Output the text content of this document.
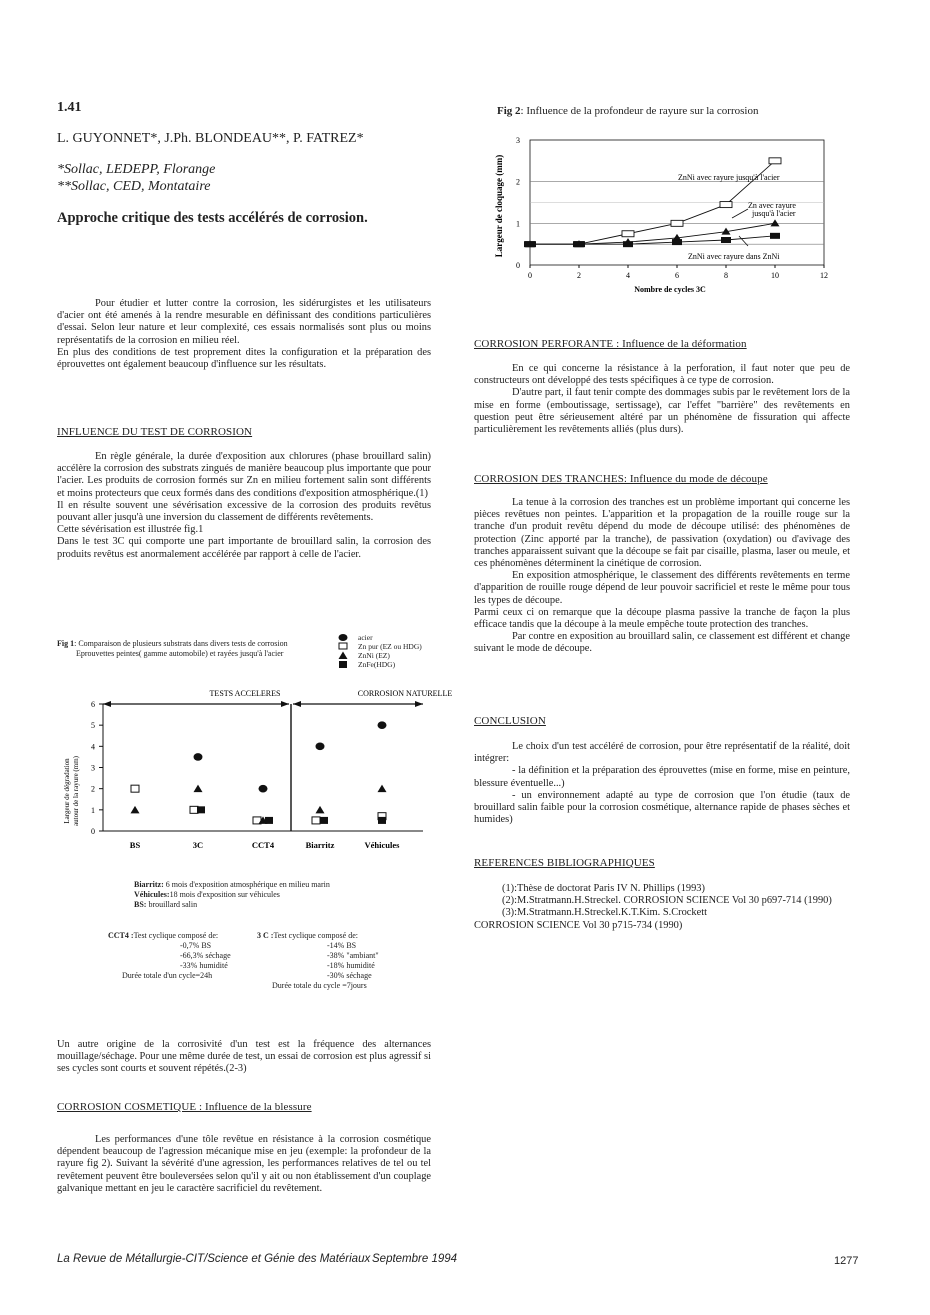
1.41
L. GUYONNET*, J.Ph. BLONDEAU**, P. FATREZ*
*Sollac, LEDEPP, Florange
**Sollac, CED, Montataire
Approche critique des tests accélérés de corrosion.

Pour étudier et lutter contre la corrosion, les sidérurgistes et les utilisateurs d'acier ont été amenés à la rendre mesurable en définissant des conditions particulières d'essai. Selon leur nature et leur complexité, ces essais normalisés sont plus ou moins représentatifs de la corrosion en milieu réel.

En plus des conditions de test proprement dites la configuration et la préparation des éprouvettes ont également beaucoup d'influence sur les résultats.

INFLUENCE DU TEST DE CORROSION

En règle générale, la durée d'exposition aux chlorures (phase brouillard salin) accélère la corrosion des substrats zingués de manière beaucoup plus importante que pour l'acier. Les produits de corrosion formés sur Zn en milieu fortement salin sont différents et moins protecteurs que ceux formés dans des conditions d'exposition atmosphérique.(1)

Il en résulte souvent une sévérisation excessive de la corrosion des produits revêtus pouvant aller jusqu'à une inversion du classement de différents revêtements.

Cette sévérisation est illustrée fig.1

Dans le test 3C qui comporte une part importante de brouillard salin, la corrosion des produits revêtus est anormalement accélérée par rapport à celle de l'acier.

Fig 1: Comparaison de plusieurs substrats dans divers tests de corrosion
Eprouvettes peintes( gamme automobile) et rayées jusqu'à l'acier
acier
Zn pur (EZ ou HDG)
ZnNi (EZ)
ZnFe(HDG)
TESTS ACCELERES	CORROSION NATURELLE
0
1
2
3
4
5
6
BS	3C	CCT4	Biarritz	Véhicules
Largeur de dégradation autour de la rayure (mm)
Biarritz: 6 mois d'exposition atmosphérique en milieu marin
Véhicules:18 mois d'exposition sur véhicules
BS: brouillard salin
CCT4 :Test cyclique composé de:
-0,7% BS
-66,3% séchage
-33% humidité
Durée totale d'un cycle=24h
3 C :Test cyclique composé de:
-14% BS
-38% "ambiant"
-18% humidité
-30% séchage
Durée totale du cycle =7jours

Un autre origine de la corrosivité d'un test est la fréquence des alternances mouillage/séchage. Pour une même durée de test, un essai de corrosion est plus agressif si ses cycles sont courts et souvent répétés.(2-3)

CORROSION COSMETIQUE : Influence de la blessure

Les performances d'une tôle revêtue en résistance à la corrosion cosmétique dépendent beaucoup de l'agression mécanique mise en jeu (exemple: la profondeur de la rayure fig 2). Suivant la sévérité d'une agression, les performances relatives de tel ou tel revêtement peuvent être bouleversées selon qu'il y ait ou non établissement d'un couplage galvanique mettant en jeu le caractère sacrificiel du revêtement.

Fig 2: Influence de la profondeur de rayure sur la corrosion
0
1
2
3
0	2	4	6	8	10	12
Largeur de cloquage (mm)
Nombre de cycles 3C
ZnNi avec rayure jusqu'à l'acier
Zn avec rayure
jusqu'à l'acier
ZnNi avec rayure dans ZnNi
CORROSION PERFORANTE : Influence de la déformation

En ce qui concerne la résistance à la perforation, il faut noter que peu de constructeurs ont développé des tests spécifiques à ce type de corrosion.

D'autre part, il faut tenir compte des dommages subis par le revêtement lors de la mise en forme (emboutissage, sertissage), car l'effet "barrière" des revêtements en question peut être sérieusement altéré par un phénomène de fissuration qui affecte particulièrement les revêtements alliés (plus durs).

CORROSION DES TRANCHES: Influence du mode de découpe

La tenue à la corrosion des tranches est un problème important qui concerne les pièces revêtues non peintes. L'apparition et la propagation de la rouille rouge sur la tranche d'un produit revêtu dépend du mode de découpe utilisé: des phénomènes de protection (Zinc apporté par la tranche), de passivation (oxydation) ou d'avivage des tranches apparaissent suivant que la découpe se fait par cisaille, plasma, laser ou meule, et ces phénomènes déterminent la cinétique de corrosion.

En exposition atmosphérique, le classement des différents revêtements en terme d'apparition de rouille rouge dépend de leur pouvoir sacrificiel et reste le même pour tous les types de découpe.

Parmi ceux ci on remarque que la découpe plasma passive la tranche de façon la plus efficace tandis que la découpe à la meule empêche toute protection des tranches.

Par contre en exposition au brouillard salin, ce classement est différent et change suivant le mode de découpe.

CONCLUSION

Le choix d'un test accéléré de corrosion, pour être représentatif de la réalité, doit intégrer:

- la définition et la préparation des éprouvettes (mise en forme, mise en peinture, blessure éventuelle...)

- un environnement adapté au type de corrosion que l'on étudie (taux de brouillard salin faible pour la corrosion cosmétique, alternance rapide de phases sèches et humides)

REFERENCES BIBLIOGRAPHIQUES

(1):Thèse de doctorat Paris IV N. Phillips (1993)

(2):M.Stratmann.H.Streckel. CORROSION SCIENCE Vol 30 p697-714 (1990)

(3):M.Stratmann.H.Streckel.K.T.Kim. S.Crockett

CORROSION SCIENCE Vol 30 p715-734 (1990)

La Revue de Métallurgie-CIT/Science et Génie des Matériaux Septembre 1994	1277
